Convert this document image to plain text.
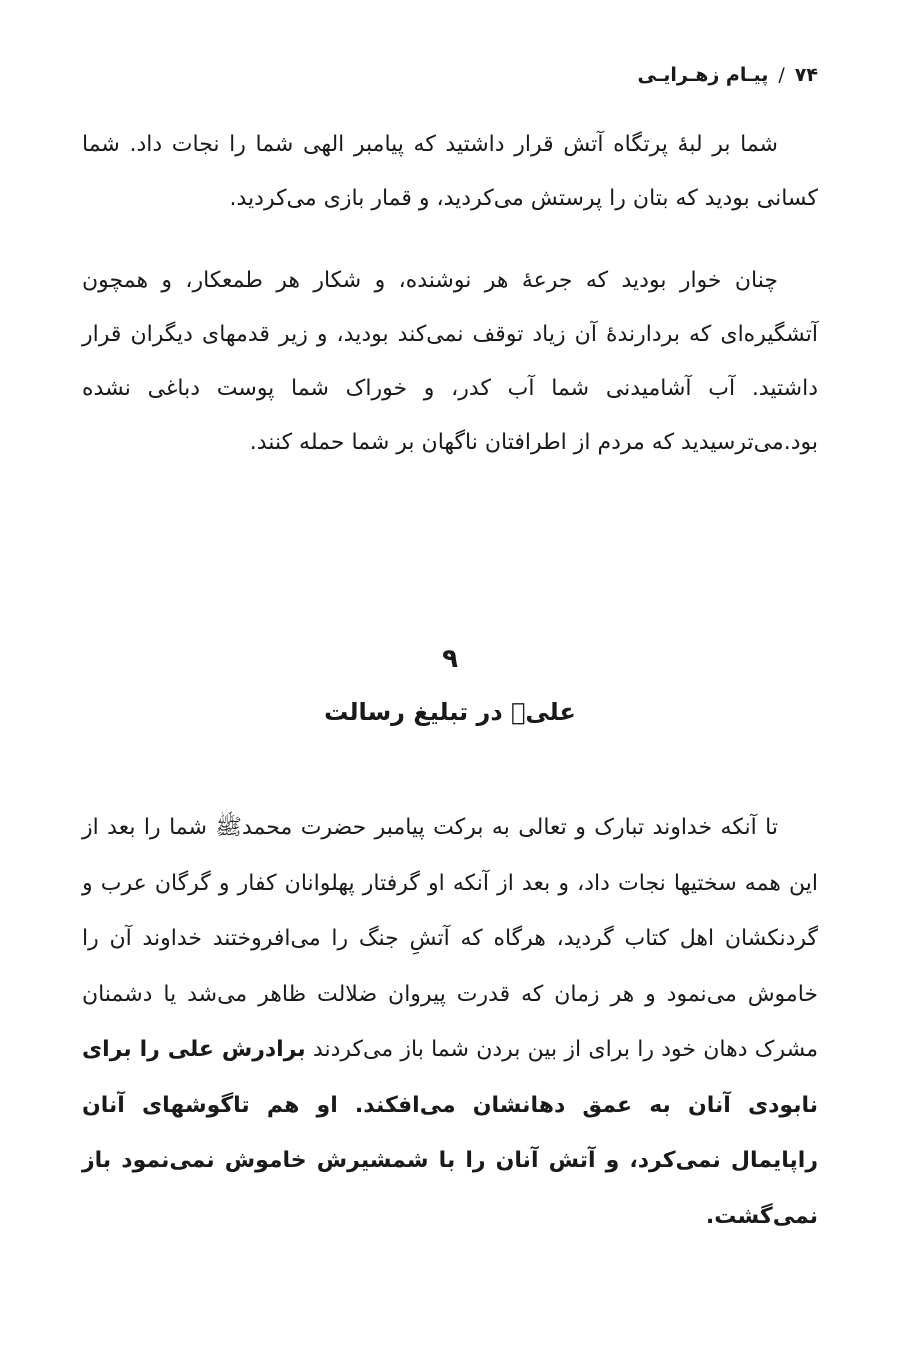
۷۴
/
پیـام زهـرایـی

شما بر لبهٔ پرتگاه آتش قرار داشتید که پیامبر الهی شما را نجات داد. شما کسانی بودید که بتان را پرستش می‌کردید، و قمار بازی می‌کردید.

چنان خوار بودید که جرعهٔ هر نوشنده، و شکار هر طمعکار، و همچون آتشگیره‌ای که بردارندهٔ آن زیاد توقف نمی‌کند بودید، و زیر قدمهای دیگران قرار داشتید. آب آشامیدنی شما آب کدر، و خوراک شما پوست دباغی نشده بود.می‌ترسیدید که مردم از اطرافتان ناگهان بر شما حمله کنند.

۹
علیؑ در تبلیغ رسالت

تا آنکه خداوند تبارک و تعالی به برکت پیامبر حضرت محمدﷺ شما را بعد از این همه سختیها نجات داد، و بعد از آنکه او گرفتار پهلوانان کفار و گرگان عرب و گردنکشان اهل کتاب گردید، هرگاه که آتشِ جنگ را می‌افروختند خداوند آن را خاموش می‌نمود و هر زمان که قدرت پیروان ضلالت ظاهر می‌شد یا دشمنان مشرک دهان خود را برای از بین بردن شما باز می‌کردند برادرش علی را برای نابودی آنان به عمق دهانشان می‌افکند. او هم تاگوشهای آنان راپایمال نمی‌کرد، و آتش آنان را با شمشیرش خاموش نمی‌نمود باز نمی‌گشت.
